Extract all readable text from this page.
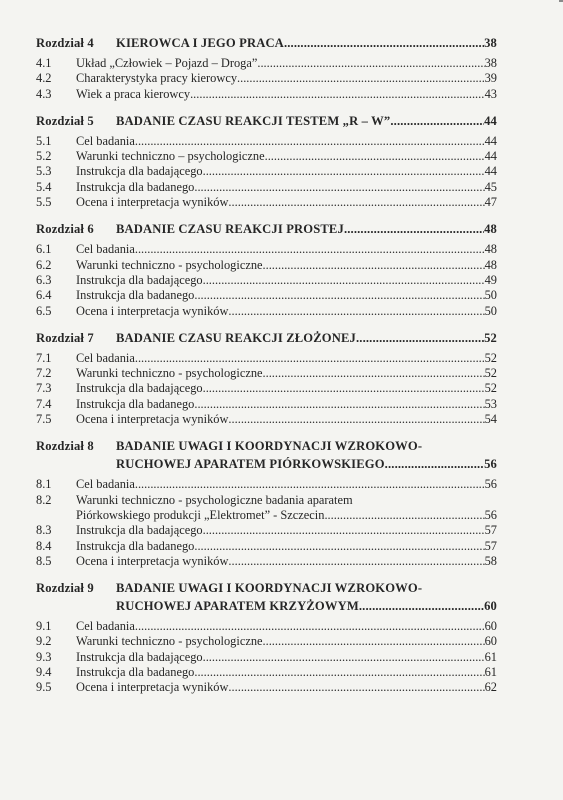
Rozdział 4	KIEROWCA I JEGO PRACA .....	38
4.1	Układ „Człowiek – Pojazd – Droga” .....	38
4.2	Charakterystyka pracy kierowcy .....	39
4.3	Wiek a praca kierowcy .....	43
Rozdział 5	BADANIE CZASU REAKCJI TESTEM „R – W” .....	44
5.1	Cel badania .....	44
5.2	Warunki techniczno – psychologiczne .....	44
5.3	Instrukcja dla badającego .....	44
5.4	Instrukcja dla badanego .....	45
5.5	Ocena i interpretacja wyników .....	47
Rozdział 6	BADANIE CZASU REAKCJI PROSTEJ .....	48
6.1	Cel badania .....	48
6.2	Warunki techniczno - psychologiczne .....	48
6.3	Instrukcja dla badającego .....	49
6.4	Instrukcja dla badanego .....	50
6.5	Ocena i interpretacja wyników .....	50
Rozdział 7	BADANIE CZASU REAKCJI ZŁOŻONEJ .....	52
7.1	Cel badania .....	52
7.2	Warunki techniczno - psychologiczne .....	52
7.3	Instrukcja dla badającego .....	52
7.4	Instrukcja dla badanego .....	53
7.5	Ocena i interpretacja wyników .....	54
Rozdział 8	BADANIE UWAGI I KOORDYNACJI WZROKOWO-
RUCHOWEJ APARATEM PIÓRKOWSKIEGO .....	56
8.1	Cel badania .....	56
8.2	Warunki techniczno - psychologiczne badania aparatem
Piórkowskiego produkcji „Elektromet” - Szczecin .....	56
8.3	Instrukcja dla badającego .....	57
8.4	Instrukcja dla badanego .....	57
8.5	Ocena i interpretacja wyników .....	58
Rozdział 9	BADANIE UWAGI I KOORDYNACJI WZROKOWO-
RUCHOWEJ APARATEM KRZYŻOWYM .....	60
9.1	Cel badania .....	60
9.2	Warunki techniczno - psychologiczne .....	60
9.3	Instrukcja dla badającego .....	61
9.4	Instrukcja dla badanego .....	61
9.5	Ocena i interpretacja wyników .....	62
